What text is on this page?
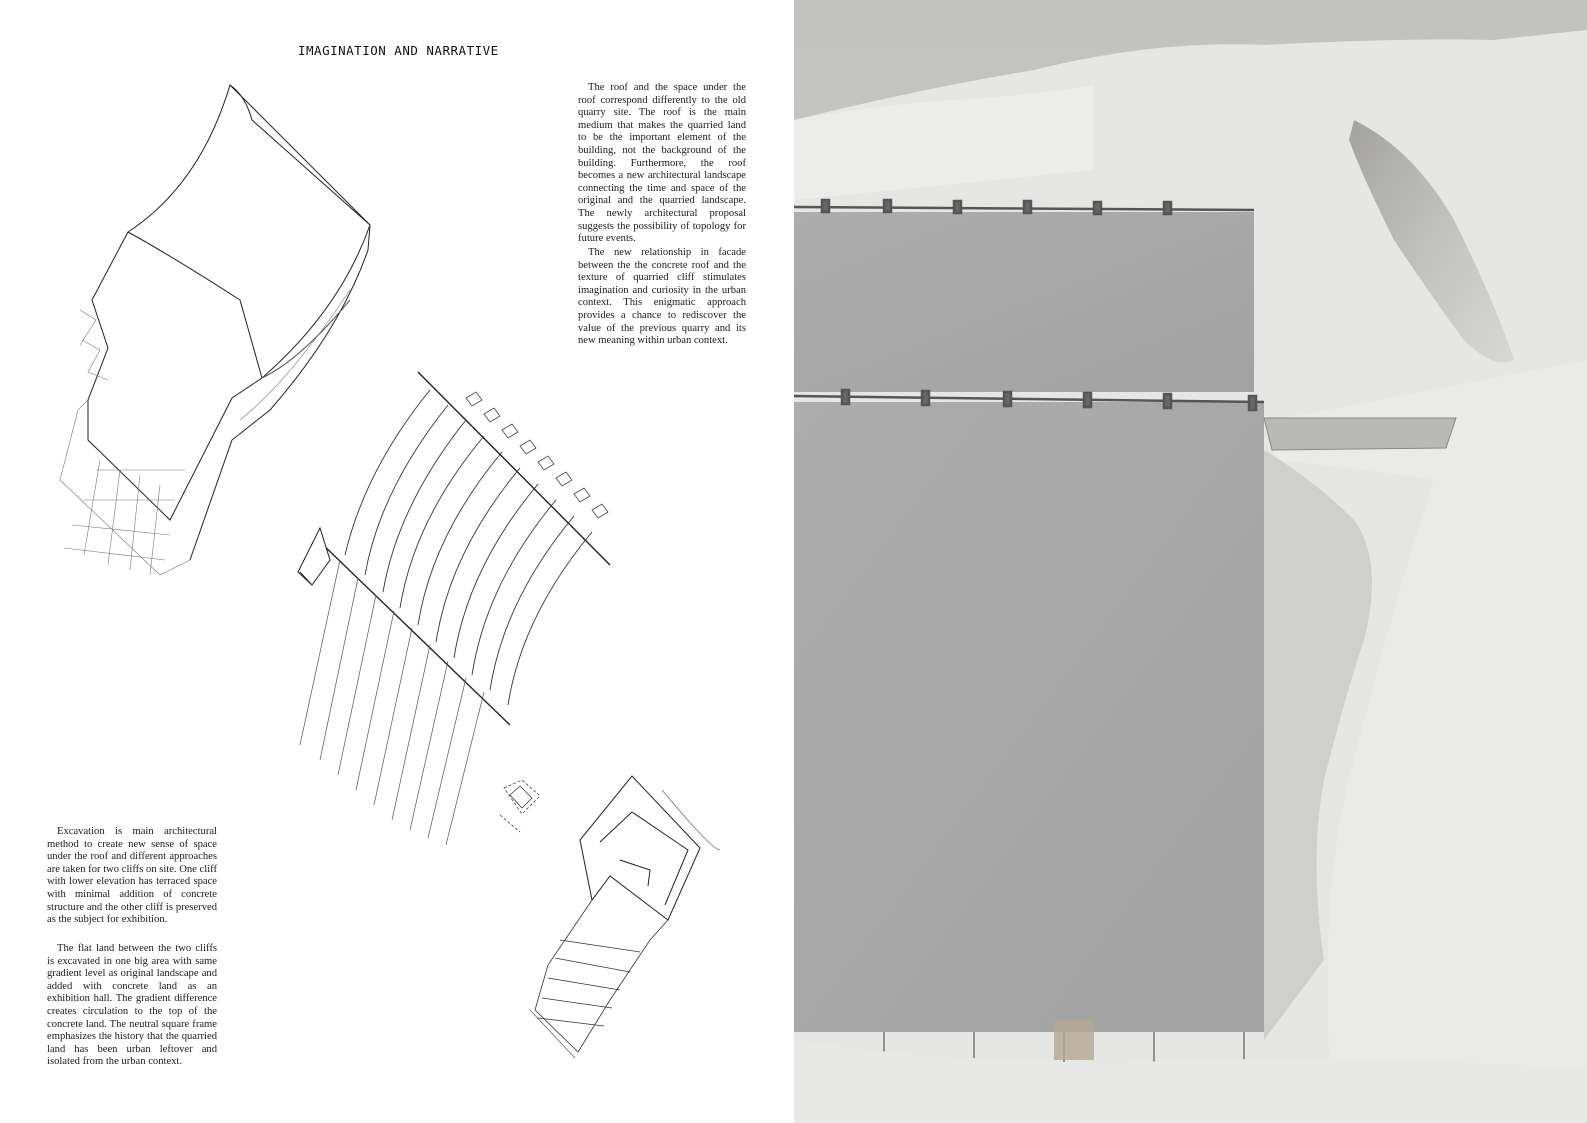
IMAGINATION AND NARRATIVE

The roof and the space under the roof correspond differently to the old quarry site. The roof is the main medium that makes the quarried land to be the important element of the building, not the background of the building. Furthermore, the roof becomes a new architectural landscape connecting the time and space of the original and the quarried landscape. The newly architectural proposal suggests the possibility of topology for future events.

The new relationship in facade between the the concrete roof and the texture of quarried cliff stimulates imagination and curiosity in the urban context. This enigmatic approach provides a chance to rediscover the value of the previous quarry and its new meaning within urban context.

Excavation is main architectural method to create new sense of space under the roof and different approaches are taken for two cliffs on site. One cliff with lower elevation has terraced space with minimal addition of concrete structure and the other cliff is preserved as the subject for exhibition.

The flat land between the two cliffs is excavated in one big area with same gradient level as original landscape and added with concrete land as an exhibition hall. The gradient difference creates circulation to the top of the concrete land. The neutral square frame emphasizes the history that the quarried land has been urban leftover and isolated from the urban context.
